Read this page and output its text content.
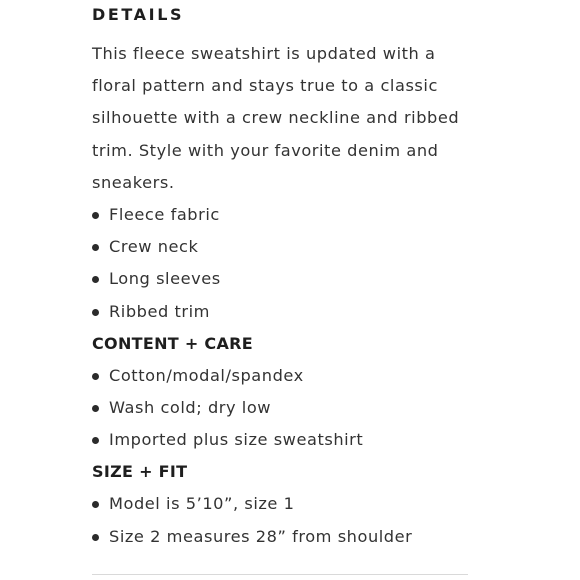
DETAILS

This fleece sweatshirt is updated with a floral pattern and stays true to a classic silhouette with a crew neckline and ribbed trim. Style with your favorite denim and sneakers.

Fleece fabric
Crew neck
Long sleeves
Ribbed trim
CONTENT + CARE
Cotton/modal/spandex
Wash cold; dry low
Imported plus size sweatshirt
SIZE + FIT
Model is 5’10”, size 1
Size 2 measures 28” from shoulder
